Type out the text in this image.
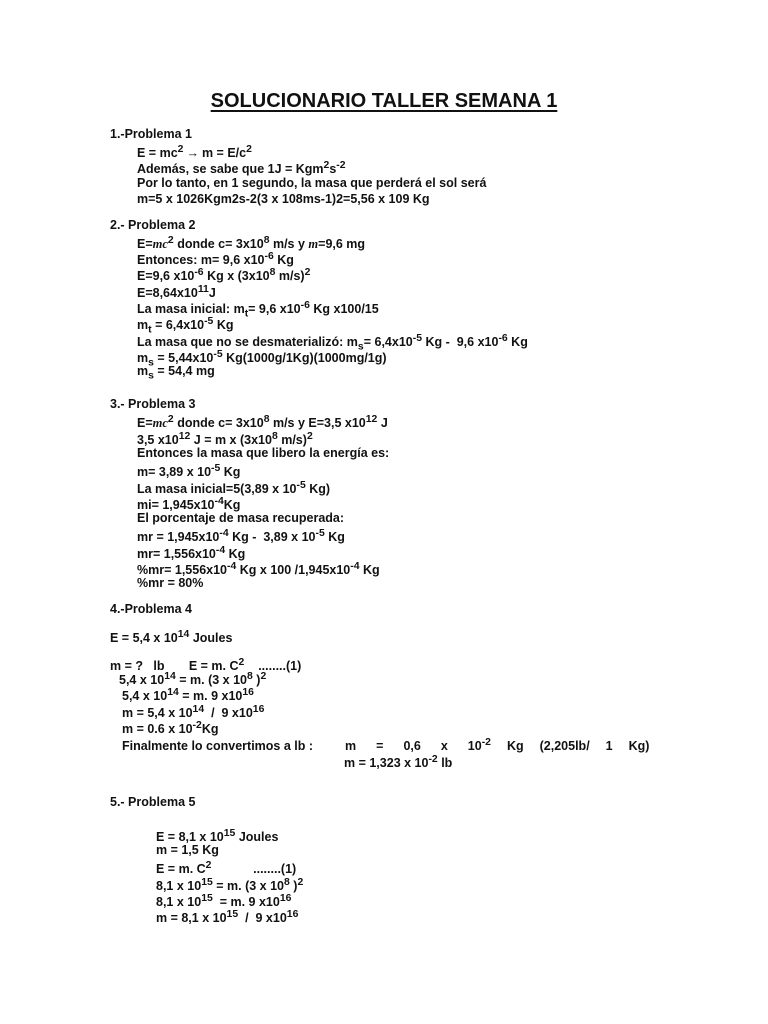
SOLUCIONARIO TALLER SEMANA 1
1.-Problema 1
$E = mc^2 \to m = E/c^2$
Además, se sabe que $1J = Kgm^2s^{-2}$
Por lo tanto, en 1 segundo, la masa que perderá el sol será
m=5 x 1026Kgm2s-2(3 x 108ms-1)2=5,56 x 109 Kg
2.- Problema 2
$E=mc^2$ donde $c= 3x10^8$ m/s y m=9,6 mg
Entonces: m= 9,6 $x10^{-6}$ Kg
E=9,6 $x10^{-6}$ Kg x ($3x10^8$ m/s)$^2$
$E=8,64x10^{11}J$
La masa inicial: $m_t= 9,6$ $x10^{-6}$ Kg x100/15
$m_t = 6,4x10^{-5}$ Kg
La masa que no se desmaterializó: $m_s= 6,4x10^{-5}$ Kg -  9,6 $x10^{-6}$ Kg
$m_s = 5,44x10^{-5}$ Kg(1000g/1Kg)(1000mg/1g)
$m_s = 54,4$ mg
3.- Problema 3
$E=mc^2$ donde $c= 3x10^8$ m/s y E=3,5 $x10^{12}$ J
3,5 $x10^{12}$ J = m x ($3x10^8$ m/s)$^2$
Entonces la masa que libero la energía es:
m= 3,89 x $10^{-5}$ Kg
La masa inicial=5(3,89 x $10^{-5}$ Kg)
$mi= 1,945x10^{-4}Kg$
El porcentaje de masa recuperada:
mr = $1,945x10^{-4}$ Kg -  3,89 x $10^{-5}$ Kg
$mr= 1,556x10^{-4}$ Kg
$\%mr= 1,556x10^{-4}$ Kg x 100 $/1,945x10^{-4}$ Kg
%mr = 80%
4.-Problema 4
E = 5,4 x $10^{14}$ Joules
m = ?   lb       E = m. $C^2$    ........(1)
5,4 x $10^{14} = m$. (3 x $10^8$ )$^2$
5,4 x $10^{14} = m$. 9 $x10^{16}$
m = 5,4 x $10^{14} / 9$ $x10^{16}$
m = 0.6 x $10^{-2}Kg$
Finalmente lo convertimos a lb :	m = 0,6 x $10^{-2}$ Kg (2,205lb/ 1 Kg)
m = 1,323 x $10^{-2}$ lb
5.- Problema 5
E = 8,1 x $10^{15}$ Joules
m = 1,5 Kg
E = m. $C^2$            ........(1)
8,1 x $10^{15} = m$. (3 x $10^8$ )$^2$
8,1 x $10^{15} = m$. 9 $x10^{16}$
m = 8,1 x $10^{15} / 9$ $x10^{16}$
